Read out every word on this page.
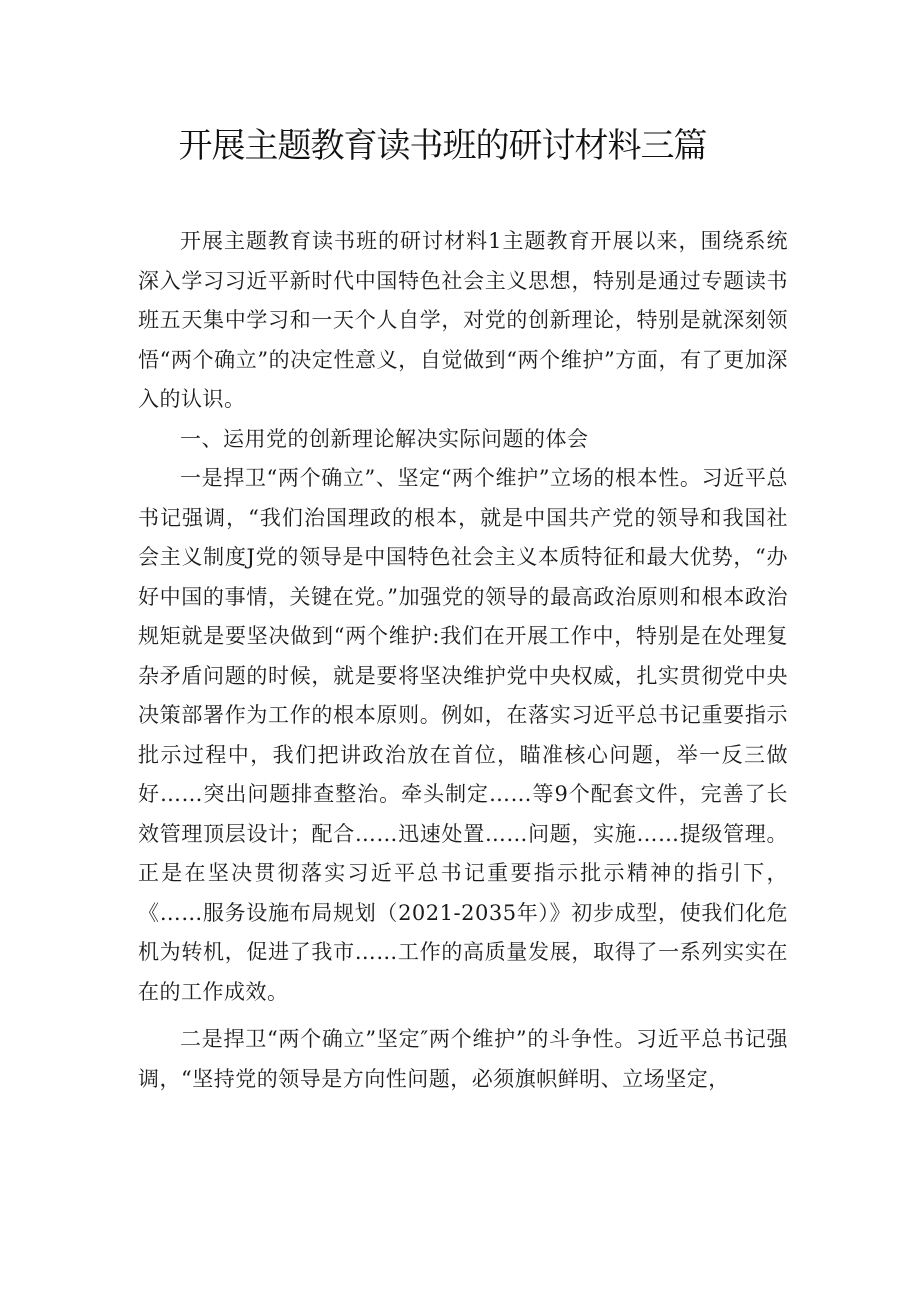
开展主题教育读书班的研讨材料三篇

开展主题教育读书班的研讨材料1主题教育开展以来，围绕系统深入学习习近平新时代中国特色社会主义思想，特别是通过专题读书班五天集中学习和一天个人自学，对党的创新理论，特别是就深刻领悟“两个确立”的决定性意义，自觉做到“两个维护”方面，有了更加深入的认识。

一、运用党的创新理论解决实际问题的体会

一是捍卫“两个确立”、坚定“两个维护”立场的根本性。习近平总书记强调，“我们治国理政的根本，就是中国共产党的领导和我国社会主义制度J党的领导是中国特色社会主义本质特征和最大优势，“办好中国的事情，关键在党。”加强党的领导的最高政治原则和根本政治规矩就是要坚决做到“两个维护:我们在开展工作中，特别是在处理复杂矛盾问题的时候，就是要将坚决维护党中央权威，扎实贯彻党中央决策部署作为工作的根本原则。例如，在落实习近平总书记重要指示批示过程中，我们把讲政治放在首位，瞄准核心问题，举一反三做好……突出问题排查整治。牵头制定……等9个配套文件，完善了长效管理顶层设计；配合……迅速处置……问题，实施……提级管理。正是在坚决贯彻落实习近平总书记重要指示批示精神的指引下，《……服务设施布局规划（2021-2035年）》初步成型，使我们化危机为转机，促进了我市……工作的高质量发展，取得了一系列实实在在的工作成效。

二是捍卫“两个确立”坚定″两个维护”的斗争性。习近平总书记强调，“坚持党的领导是方向性问题，必须旗帜鲜明、立场坚定，
